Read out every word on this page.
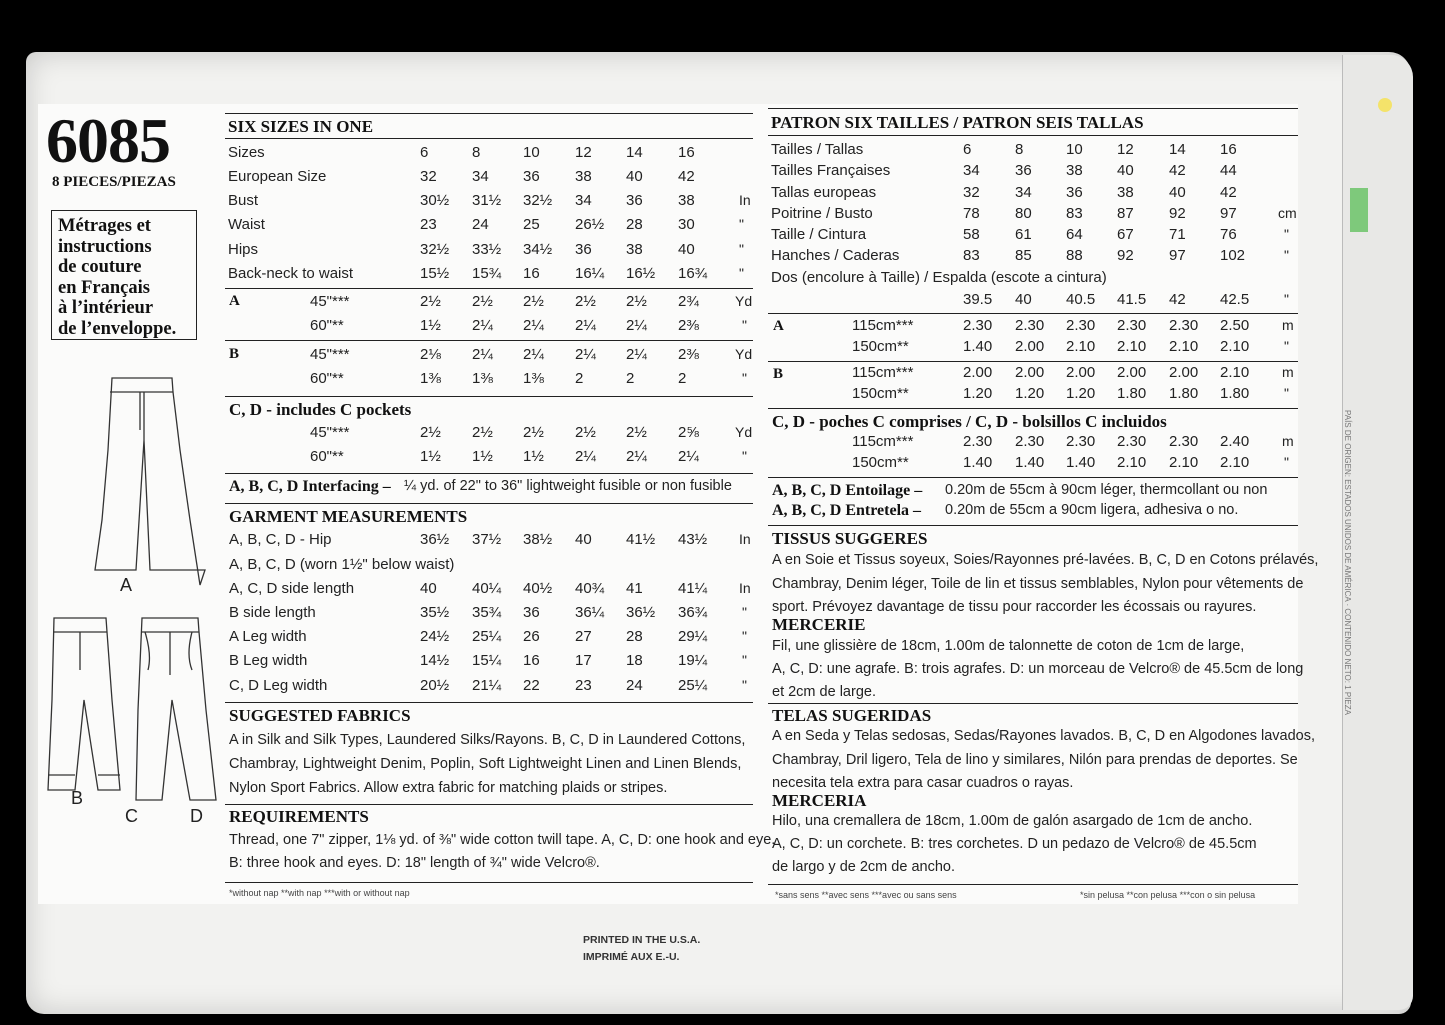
PAÍS DE ORIGEN: ESTADOS UNIDOS DE AMÉRICA · CONTENIDO NETO: 1 PIEZA
6085
8 PIECES/PIEZAS
Métrages et
instructions
de couture
en Français
à l’intérieur
de l’enveloppe.
A
B
C	D
PRINTED IN THE U.S.A.
IMPRIMÉ AUX E.-U.
SIX SIZES IN ONE
Sizes	6	8	10 12 14 16
European Size	32 34 36 38 40 42
Bust	30½ 31½ 32½ 34 36 38	In
Waist	23 24 25 26½ 28 30	"
Hips	32½ 33½ 34½ 36 38 40	"
Back-neck to waist	15½ 15¾ 16 16¼ 16½ 16¾ "
A	45"***	2½ 2½ 2½ 2½ 2½ 2¾	Yd
60"**	1½ 2¼ 2¼ 2¼ 2¼ 2⅜	"
B	45"***	2⅛ 2¼ 2¼ 2¼ 2¼ 2⅜	Yd
60"**	1⅜ 1⅜ 1⅜ 2	2	2	"
C, D - includes C pockets
45"***	2½ 2½ 2½ 2½ 2½ 2⅝	Yd
60"**	1½ 1½ 1½ 2¼ 2¼ 2¼	"
A, B, C, D Interfacing – ¼ yd. of 22" to 36" lightweight fusible or non fusible
GARMENT MEASUREMENTS
A, B, C, D - Hip	36½ 37½ 38½ 40 41½ 43½ In
A, B, C, D (worn 1½" below waist)
A, C, D side length	40 40¼ 40½ 40¾ 41 41¼ In
B side length	35½ 35¾ 36 36¼ 36½ 36¾ "
A Leg width	24½ 25¼ 26 27 28 29¼ "
B Leg width	14½ 15¼ 16 17 18 19¼ "
C, D Leg width	20½ 21¼ 22 23 24 25¼ "
SUGGESTED FABRICS
A in Silk and Silk Types, Laundered Silks/Rayons. B, C, D in Laundered Cottons,
Chambray, Lightweight Denim, Poplin, Soft Lightweight Linen and Linen Blends,
Nylon Sport Fabrics. Allow extra fabric for matching plaids or stripes.
REQUIREMENTS
Thread, one 7" zipper, 1⅛ yd. of ⅜" wide cotton twill tape. A, C, D: one hook and eye.
B: three hook and eyes. D: 18" length of ¾" wide Velcro®.
*without nap **with nap ***with or without nap
PATRON SIX TAILLES / PATRON SEIS TALLAS
Tailles / Tallas	6	8	10 12 14 16
Tailles Françaises	34 36 38 40 42 44
Tallas europeas	32 34 36 38 40 42
Poitrine / Busto	78 80 83 87 92 97	cm
Taille / Cintura	58 61 64 67 71 76	"
Hanches / Caderas	83 85 88 92 97 102	"
Dos (encolure à Taille) / Espalda (escote a cintura)
39.5 40 40.5 41.5 42 42.5 "
A	115cm***	2.30 2.30 2.30 2.30 2.30 2.50 m
150cm**	1.40 2.00 2.10 2.10 2.10 2.10 "
B	115cm***	2.00 2.00 2.00 2.00 2.00 2.10 m
150cm**	1.20 1.20 1.20 1.80 1.80 1.80 "
C, D - poches C comprises / C, D - bolsillos C incluidos
115cm***	2.30 2.30 2.30 2.30 2.30 2.40 m
150cm**	1.40 1.40 1.40 2.10 2.10 2.10 "
A, B, C, D Entoilage – 0.20m de 55cm à 90cm léger, thermcollant ou non
A, B, C, D Entretela – 0.20m de 55cm a 90cm ligera, adhesiva o no.
TISSUS SUGGERES
A en Soie et Tissus soyeux, Soies/Rayonnes pré-lavées. B, C, D en Cotons prélavés,
Chambray, Denim léger, Toile de lin et tissus semblables, Nylon pour vêtements de
sport. Prévoyez davantage de tissu pour raccorder les écossais ou rayures.
MERCERIE
Fil, une glissière de 18cm, 1.00m de talonnette de coton de 1cm de large,
A, C, D: une agrafe. B: trois agrafes. D: un morceau de Velcro® de 45.5cm de long
et 2cm de large.
TELAS SUGERIDAS
A en Seda y Telas sedosas, Sedas/Rayones lavados. B, C, D en Algodones lavados,
Chambray, Dril ligero, Tela de lino y similares, Nilón para prendas de deportes. Se
necesita tela extra para casar cuadros o rayas.
MERCERIA
Hilo, una cremallera de 18cm, 1.00m de galón asargado de 1cm de ancho.
A, C, D: un corchete. B: tres corchetes. D un pedazo de Velcro® de 45.5cm
de largo y de 2cm de ancho.
*sans sens **avec sens ***avec ou sans sens	*sin pelusa **con pelusa ***con o sin pelusa
